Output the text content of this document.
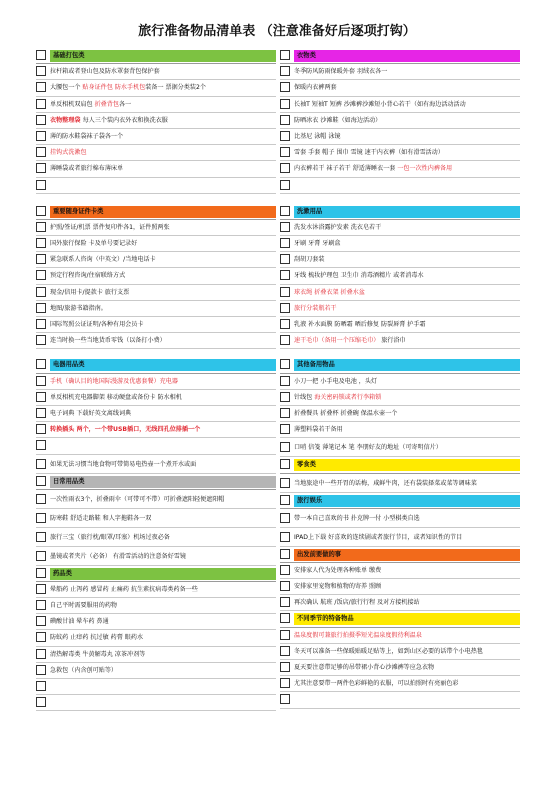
旅行准备物品清单表 （注意准备好后逐项打钩）
基础打包类
拉杆箱或者登山包及防水罩套背包保护套
大腰包一个 贴身证件包 防水手机包装备一 票据分类装2个
单反相机双肩包 折叠背包各一
衣物整理袋 每人三个装内衣外衣和换洗衣服
薄的防水鞋袋袜子袋各一个
挂钩式洗漱包
薄睡袋或者旅行棉布薄床单
重要随身证件卡类
护照/签证/机票 票件复印件各1，证件照两张
国外旅行保险 卡及单号要记录好
紧急联系人咨询（中英文）/当地电话卡
预定行程咨询/住宿联络方式
现金/信用卡/提款卡 旅行支票
地图/旅游书籍指南。
国际驾照公证证明/各种有用会员卡
连当时换一些当地货币零钱（以备打小费）
电器用品类
手机（确认目的地国际漫游及优惠套餐）充电器
单反相机充电器脚架 移动硬盘或备份卡 防水相机
电子词典 下载好英文离线词典
转换插头 两个，一个带USB插口，无线四孔位排插一个
如果无法习惯当地食物可带简易电热壶一个煮开水或面
日常用品类
一次性雨衣3个，折叠雨伞（可带可不带）可折叠遮阳轻便遮阳帽
防寒鞋 舒适走路鞋 和人字拖鞋各一双
旅行三宝（旅行枕/眼罩/耳塞）机场过夜必备
墨镜或者夹片（必备） 有滑雪活动的注意备好雪镜
药品类
晕船药 止泻药 感冒药 止痛药 抗生素抗病毒类药备一些
自己平时需要服用的药物
碘酸甘油 晕车药 鼻通
防蚊药 止痒药 抗过敏 药膏 眼药水
清热解毒类 牛黄解毒丸 凉茶冲剂等
急救包（内含创可贴等）
衣物类
冬季防风防雨保暖外套 羽绒衣各一
保暖内衣裤两套
长袖T 短袖T 短裤 沙滩裤沙滩短小背心若干（如有海边活动活动
防晒冰衣 沙滩鞋（如海边活动）
比基尼 泳帽 泳镜
雪套 手套 帽子 围巾 雪镜 速干内衣裤（如有滑雪活动）
内衣裤若干 袜子若干 舒适薄睡衣一套 一包一次性内裤备用
洗漱用品
洗发水沐浴露护发素 洗衣皂若干
牙刷 牙膏 牙刷盒
刮胡刀套装
牙线 梳妆护理包 卫生巾 消毒酒精片 或者消毒水
球衣绳 折叠衣架 折叠水盆
旅行分装瓶若干
乳液 补水面膜 防晒霜 晒后修复 防裂唇膏 护手霜
速干毛巾（备用一个压缩毛巾） 旅行浴巾
其他备用物品
小刀一把 小手电及电池 ，头灯
针线包 海关密码锁或者行李箱锁
折叠餐具 折叠杯 折叠碗 保温水壶一个
薄塑料袋若干备用
口哨 信笺 薄笔记本 笔 李朋好友的地址（可寄明信片）
零食类
当地旅途中一些开胃的话梅，咸鲜牛肉，还有袋装择菜或菜等调味菜
旅行娱乐
带一本自己喜欢的书 扑克牌一付 小型棋类自选
IPAD上下载 好喜欢的连续剧或者旅行节目，或者知识性的节目
出发前要做的事
安排家人代为处理各种账单 缴费
安排家里宠物和植物的寄养 照顾
再次确认 航班 /饭店/旅行行程 及对方接机接站
不同季节的特备物品
温泉度假可兼旅行拍摄季短光温泉度假待利温泉
冬天可以准备一些保暖贴暖足贴等上，如到山区必要的话带个小电热毯
夏天要注意带足够的吊带裙小背心沙滩裤等应急衣物
尤其注意要带一两件色彩鲜艳的衣服，可以拍照时有亮丽色彩
